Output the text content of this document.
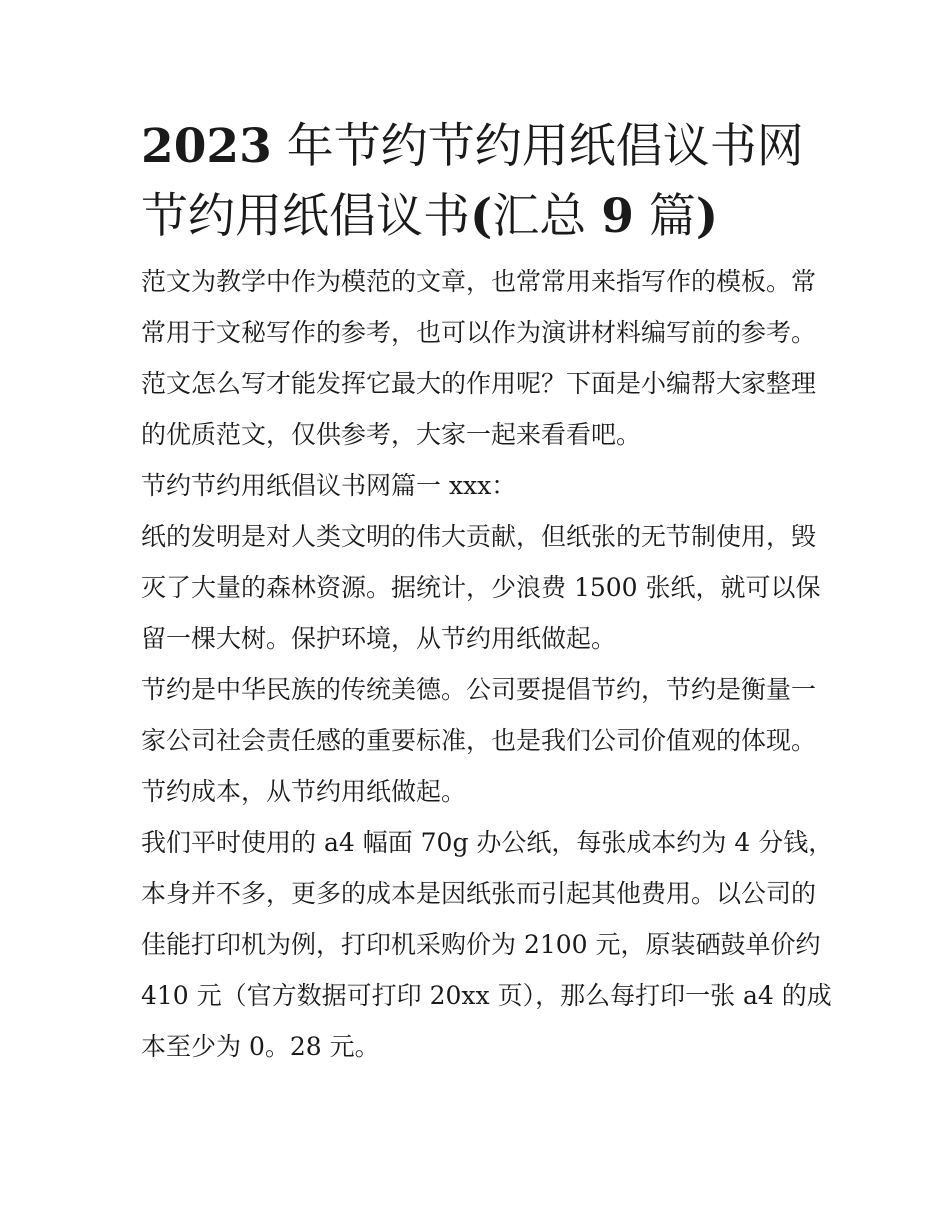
2023 年节约节约用纸倡议书网
节约用纸倡议书(汇总 9 篇)

范文为教学中作为模范的文章，也常常用来指写作的模板。常
常用于文秘写作的参考，也可以作为演讲材料编写前的参考。
范文怎么写才能发挥它最大的作用呢？下面是小编帮大家整理
的优质范文，仅供参考，大家一起来看看吧。

节约节约用纸倡议书网篇一 xxx：

纸的发明是对人类文明的伟大贡献，但纸张的无节制使用，毁
灭了大量的森林资源。据统计，少浪费 1500 张纸，就可以保
留一棵大树。保护环境，从节约用纸做起。

节约是中华民族的传统美德。公司要提倡节约，节约是衡量一
家公司社会责任感的重要标准，也是我们公司价值观的体现。
节约成本，从节约用纸做起。

我们平时使用的 a4 幅面 70g 办公纸，每张成本约为 4 分钱，
本身并不多，更多的成本是因纸张而引起其他费用。以公司的
佳能打印机为例，打印机采购价为 2100 元，原装硒鼓单价约
410 元（官方数据可打印 20xx 页），那么每打印一张 a4 的成
本至少为 0。28 元。
